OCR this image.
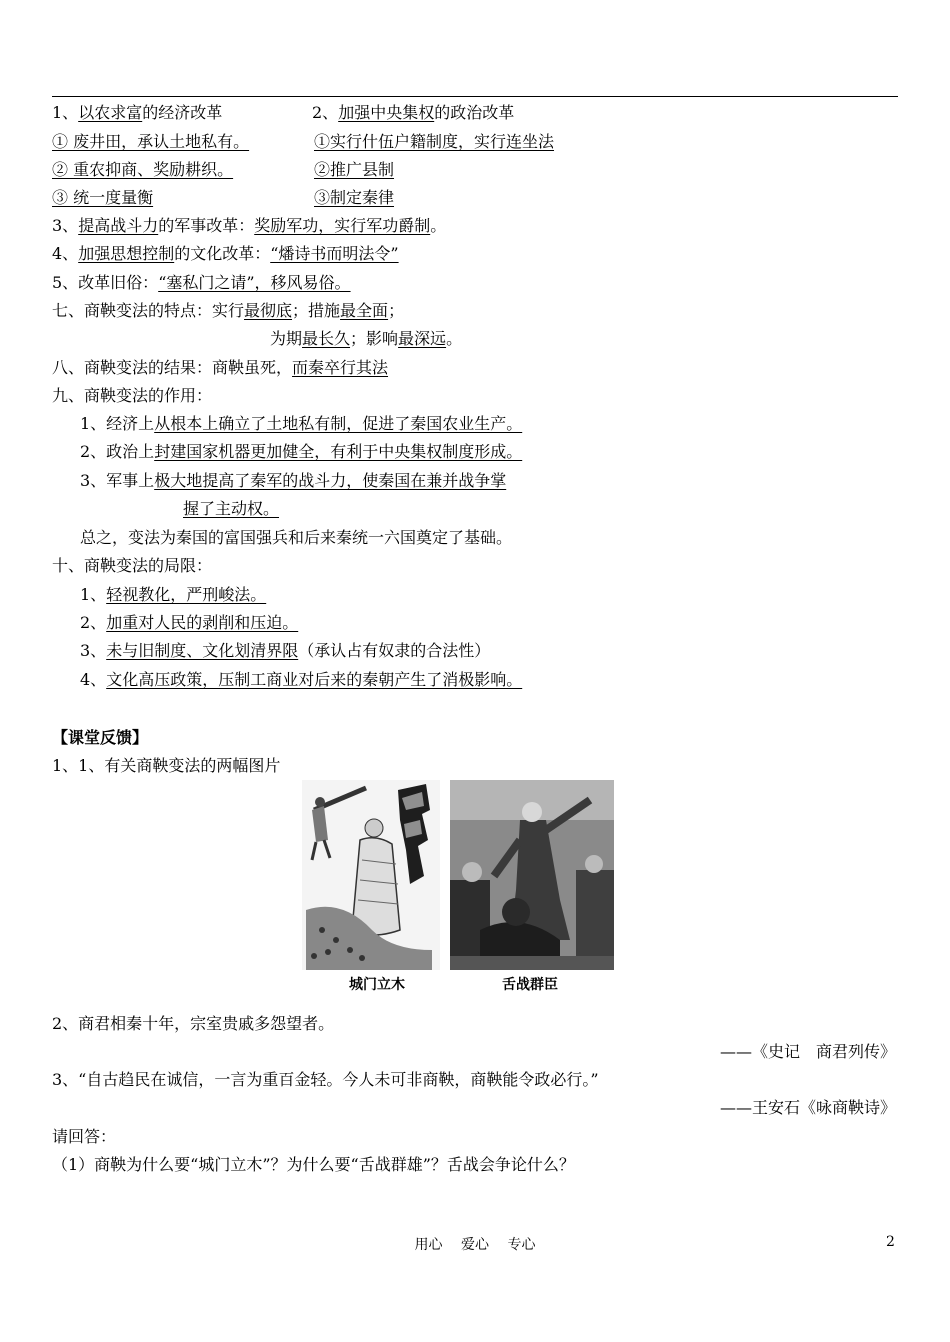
1、以农求富的经济改革	2、加强中央集权的政治改革
① 废井田，承认土地私有。	①实行什伍户籍制度，实行连坐法
② 重农抑商、奖励耕织。	②推广县制
③ 统一度量衡	③制定秦律
3、提高战斗力的军事改革：奖励军功，实行军功爵制。
4、加强思想控制的文化改革：“燔诗书而明法令”
5、改革旧俗：“塞私门之请”，移风易俗。
七、商鞅变法的特点：实行最彻底；措施最全面；
为期最长久；影响最深远。
八、商鞅变法的结果：商鞅虽死，而秦卒行其法
九、商鞅变法的作用：
1、经济上从根本上确立了土地私有制，促进了秦国农业生产。
2、政治上封建国家机器更加健全，有利于中央集权制度形成。
3、军事上极大地提高了秦军的战斗力，使秦国在兼并战争掌
握了主动权。
总之，变法为秦国的富国强兵和后来秦统一六国奠定了基础。
十、商鞅变法的局限：
1、轻视教化，严刑峻法。
2、加重对人民的剥削和压迫。
3、未与旧制度、文化划清界限（承认占有奴隶的合法性）
4、文化高压政策，压制工商业对后来的秦朝产生了消极影响。
【课堂反馈】
1、1、有关商鞅变法的两幅图片
城门立木	舌战群臣
2、商君相秦十年，宗室贵戚多怨望者。
——《史记　商君列传》
3、“自古趋民在诚信，一言为重百金轻。今人未可非商鞅，商鞅能令政必行。”
——王安石《咏商鞅诗》
请回答：
（1）商鞅为什么要“城门立木”？为什么要“舌战群雄”？舌战会争论什么？
用心　 爱心　 专心	2
